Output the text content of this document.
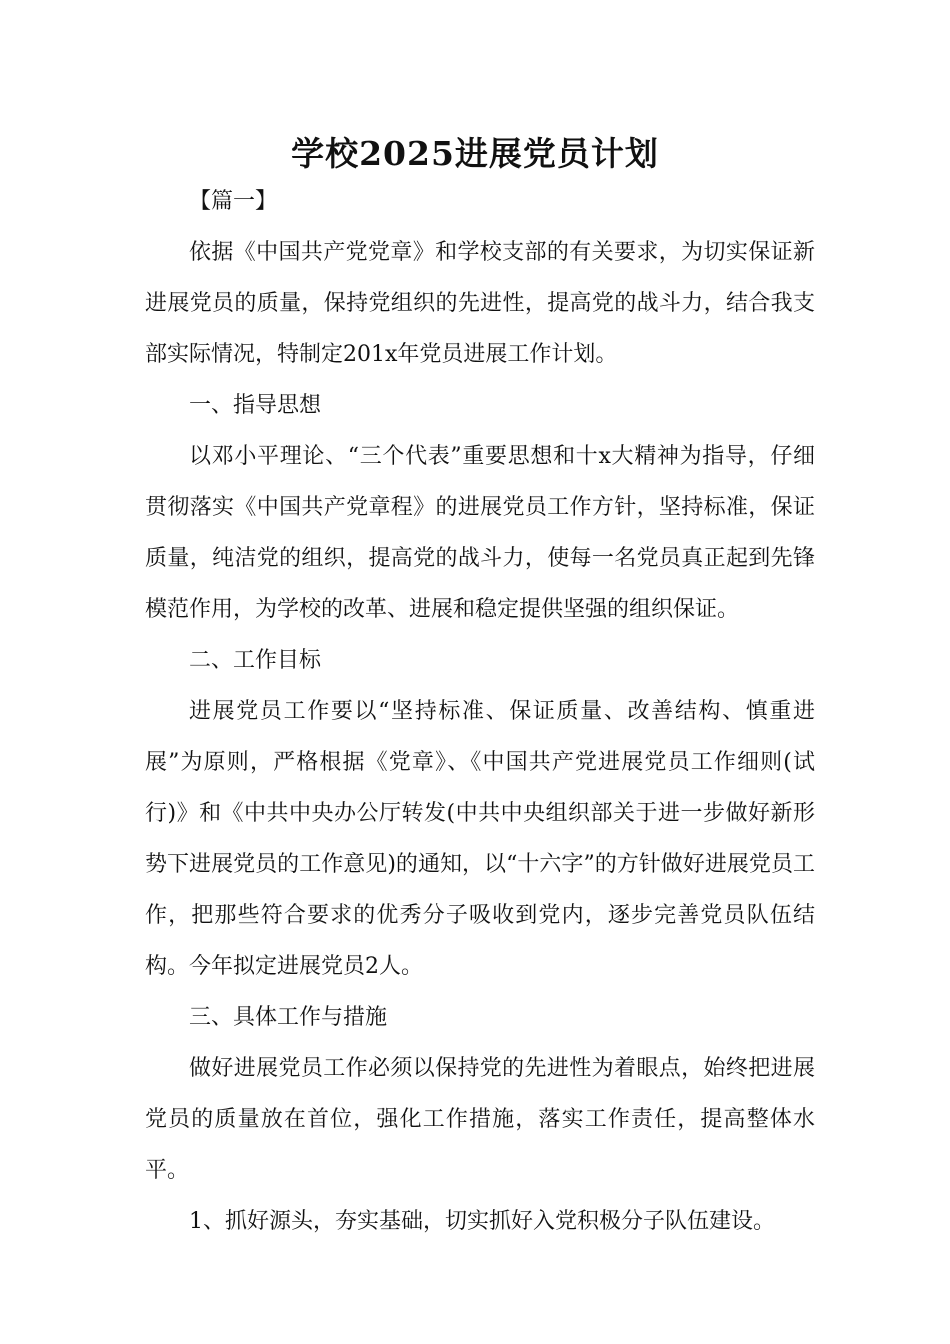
学校2025进展党员计划

【篇一】

依据《中国共产党党章》和学校支部的有关要求，为切实保证新进展党员的质量，保持党组织的先进性，提高党的战斗力，结合我支部实际情况，特制定201x年党员进展工作计划。

一、指导思想

以邓小平理论、“三个代表”重要思想和十x大精神为指导，仔细贯彻落实《中国共产党章程》的进展党员工作方针，坚持标准，保证质量，纯洁党的组织，提高党的战斗力，使每一名党员真正起到先锋模范作用，为学校的改革、进展和稳定提供坚强的组织保证。

二、工作目标

进展党员工作要以“坚持标准、保证质量、改善结构、慎重进展”为原则，严格根据《党章》、《中国共产党进展党员工作细则(试行)》和《中共中央办公厅转发(中共中央组织部关于进一步做好新形势下进展党员的工作意见)的通知，以“十六字”的方针做好进展党员工作，把那些符合要求的优秀分子吸收到党内，逐步完善党员队伍结构。今年拟定进展党员2人。

三、具体工作与措施

做好进展党员工作必须以保持党的先进性为着眼点，始终把进展党员的质量放在首位，强化工作措施，落实工作责任，提高整体水平。

1、抓好源头，夯实基础，切实抓好入党积极分子队伍建设。
